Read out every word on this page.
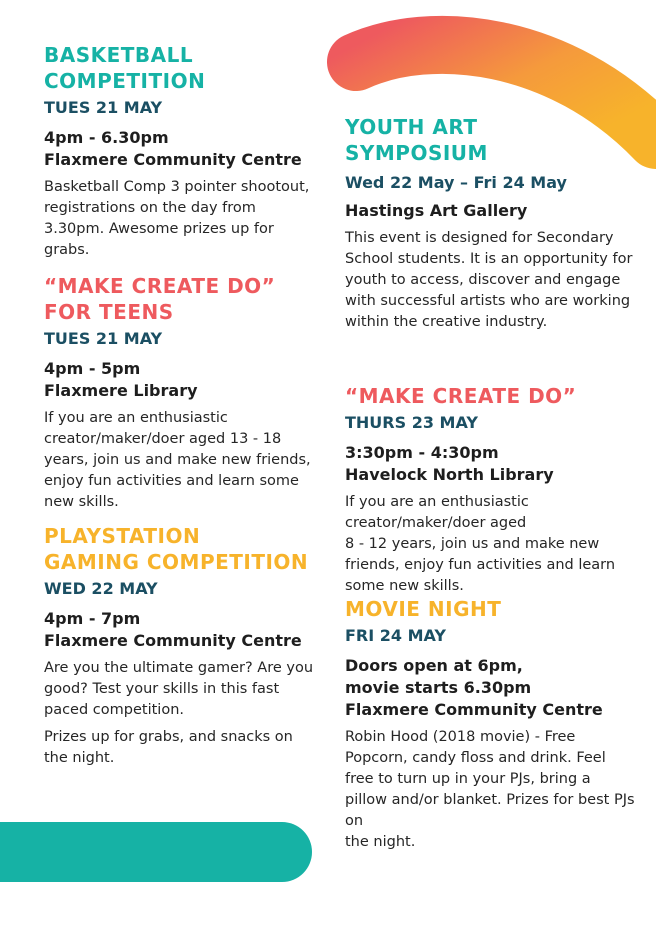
BASKETBALL
COMPETITION
TUES 21 MAY
4pm - 6.30pm
Flaxmere Community Centre
Basketball Comp 3 pointer shootout, registrations on the day from 3.30pm. Awesome prizes up for grabs.
“MAKE CREATE DO”
FOR TEENS
TUES 21 MAY
4pm - 5pm
Flaxmere Library
If you are an enthusiastic creator/maker/doer aged 13 - 18 years, join us and make new friends, enjoy fun activities and learn some new skills.
PLAYSTATION
GAMING COMPETITION
WED 22 MAY
4pm - 7pm
Flaxmere Community Centre
Are you the ultimate gamer? Are you good? Test your skills in this fast paced competition.
Prizes up for grabs, and snacks on the night.
YOUTH ART
SYMPOSIUM
Wed 22 May – Fri 24 May
Hastings Art Gallery
This event is designed for Secondary School students. It is an opportunity for youth to access, discover and engage with successful artists who are working within the creative industry.
“MAKE CREATE DO”
THURS 23 MAY
3:30pm - 4:30pm
Havelock North Library
If you are an enthusiastic creator/maker/doer aged
8 - 12 years, join us and make new friends, enjoy fun activities and learn some new skills.
MOVIE NIGHT
FRI 24 MAY
Doors open at 6pm,
movie starts 6.30pm
Flaxmere Community Centre
Robin Hood (2018 movie) - Free Popcorn, candy floss and drink. Feel free to turn up in your PJs, bring a pillow and/or blanket. Prizes for best PJs on
the night.
